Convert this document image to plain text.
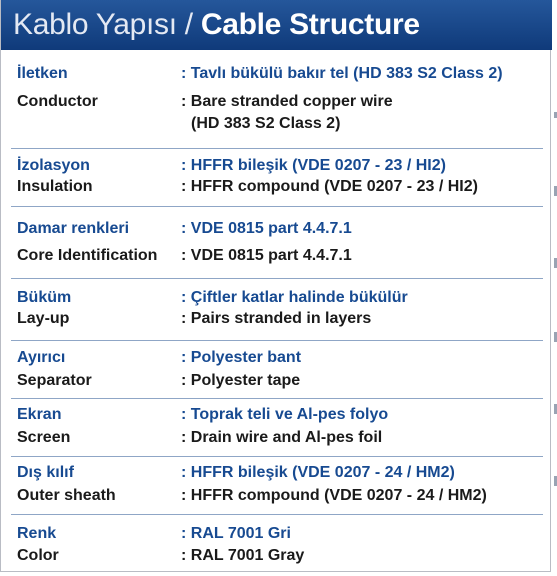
Kablo Yapısı / Cable Structure
İletken	: Tavlı bükülü bakır tel (HD 383 S2 Class 2)
Conductor	: Bare stranded copper wire
(HD 383 S2 Class 2)
İzolasyon	: HFFR bileşik (VDE 0207 - 23 / HI2)
Insulation	: HFFR compound (VDE 0207 - 23 / HI2)
Damar renkleri	: VDE 0815 part 4.4.7.1
Core Identification : VDE 0815 part 4.4.7.1
Büküm	: Çiftler katlar halinde bükülür
Lay-up	: Pairs stranded in layers
Ayırıcı	: Polyester bant
Separator	: Polyester tape
Ekran	: Toprak teli ve Al-pes folyo
Screen	: Drain wire and Al-pes foil
Dış kılıf	: HFFR bileşik (VDE 0207 - 24 / HM2)
Outer sheath	: HFFR compound (VDE 0207 - 24 / HM2)
Renk	: RAL 7001 Gri
Color	: RAL 7001 Gray
